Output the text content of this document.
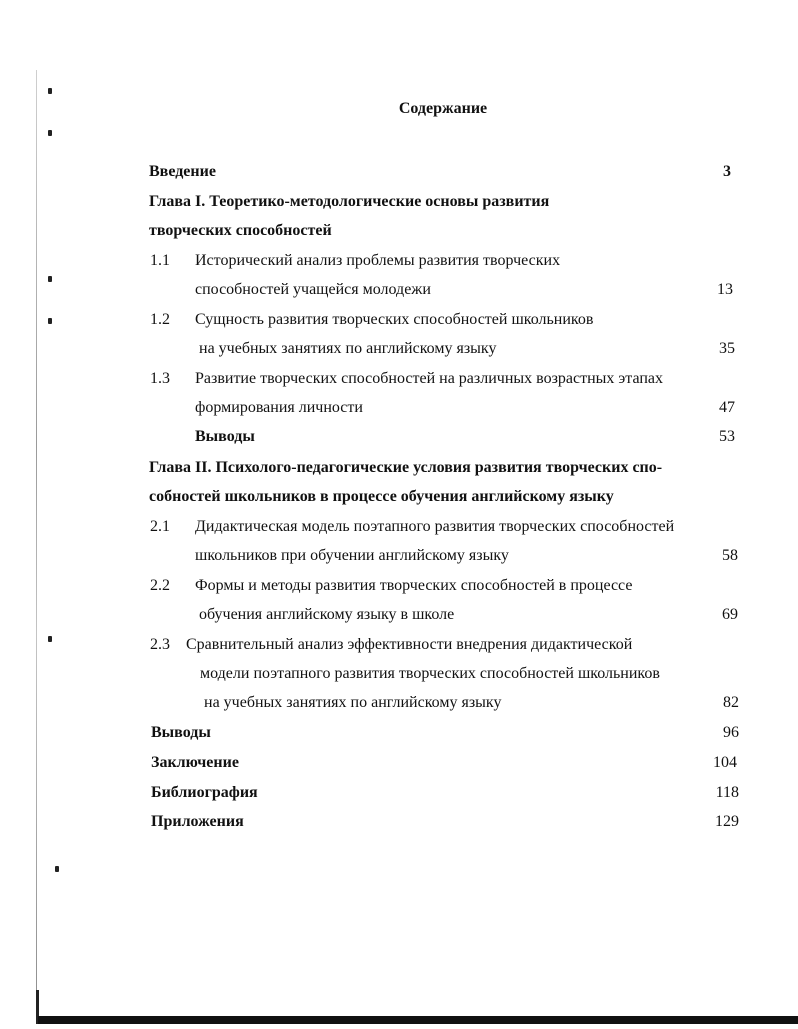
Содержание
Введение	3
Глава I. Теоретико-методологические основы развития
творческих способностей
1.1 Исторический анализ проблемы развития творческих
способностей учащейся молодежи	13
1.2 Сущность развития творческих способностей школьников
на учебных занятиях по английскому языку	35
1.3 Развитие творческих способностей на различных возрастных этапах
формирования личности	47
Выводы	53
Глава II. Психолого-педагогические условия развития творческих спо-
собностей школьников в процессе обучения английскому языку
2.1 Дидактическая модель поэтапного развития творческих способностей
школьников при обучении английскому языку	58
2.2 Формы и методы развития творческих способностей в процессе
обучения английскому языку в школе	69
2.3 Сравнительный анализ эффективности внедрения дидактической
модели поэтапного развития творческих способностей школьников
на учебных занятиях по английскому языку	82
Выводы	96
Заключение	104
Библиография	118
Приложения	129
